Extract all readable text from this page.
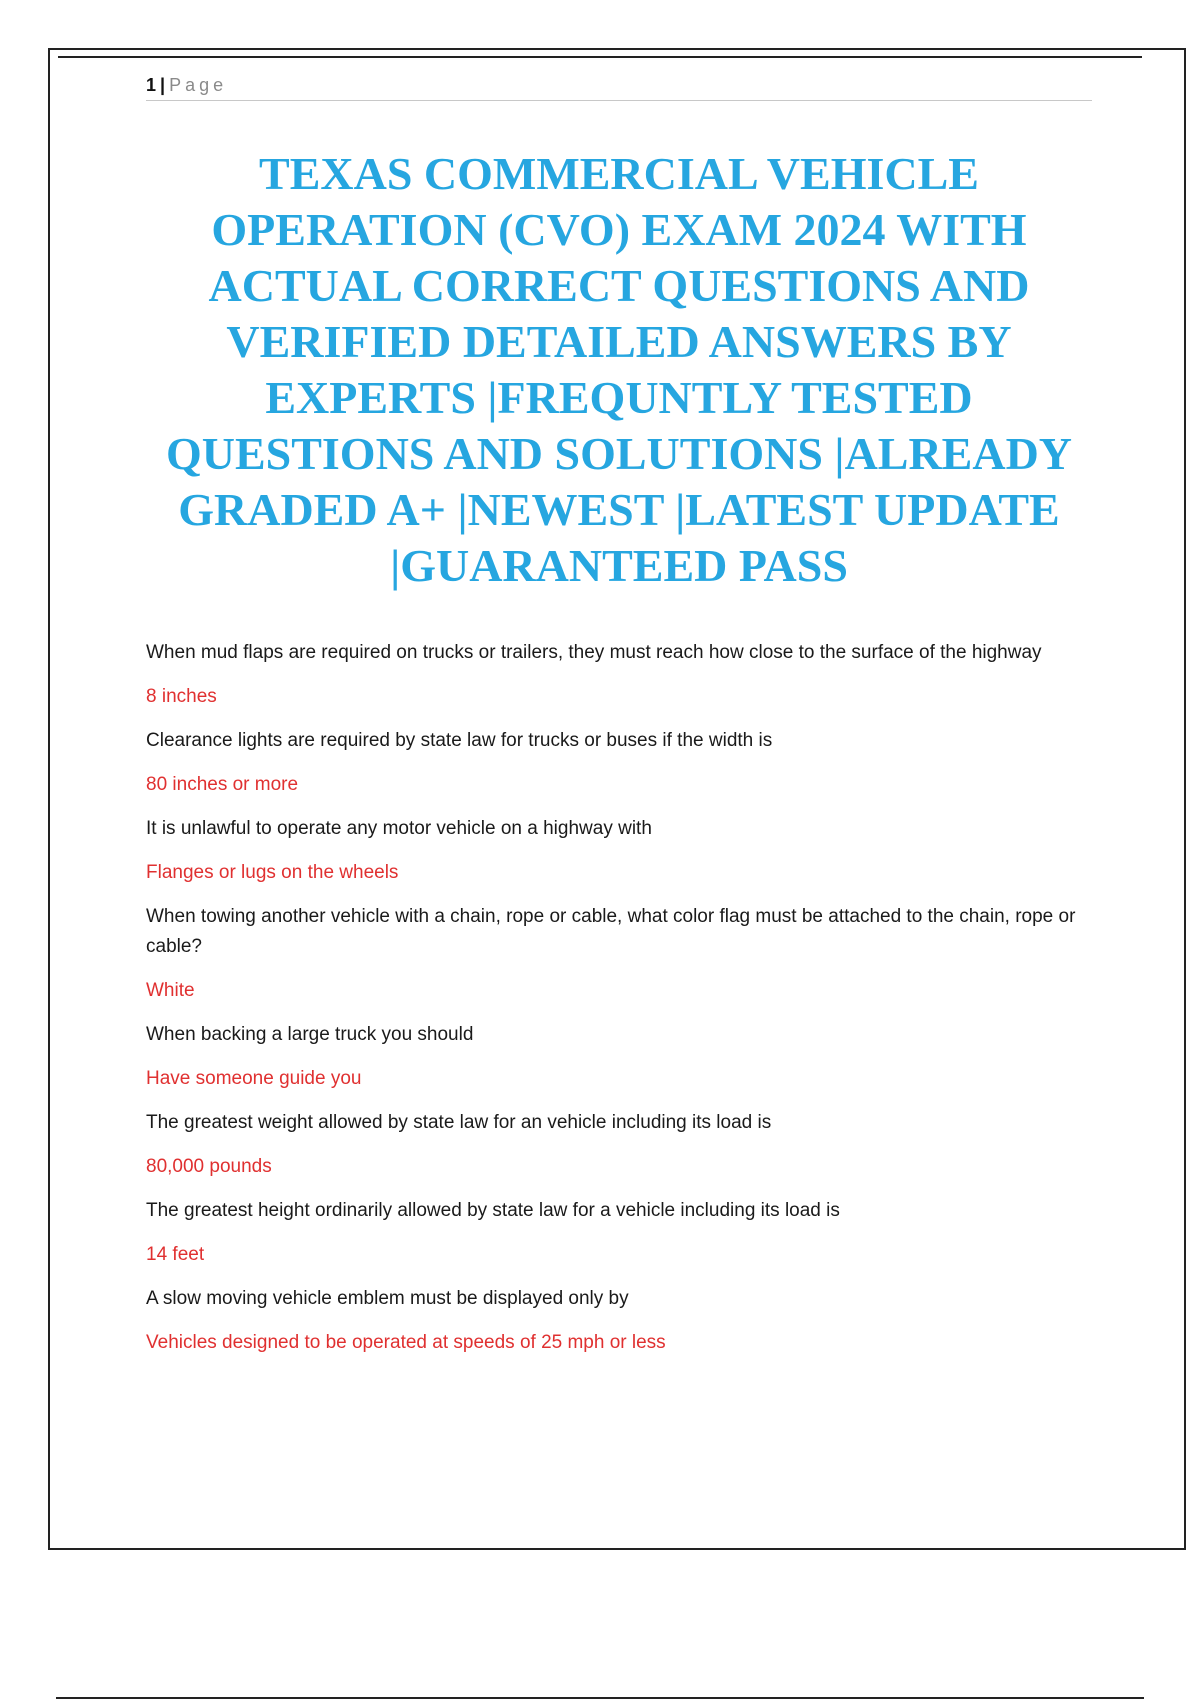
1 | Page
TEXAS COMMERCIAL VEHICLE OPERATION (CVO) EXAM 2024 WITH ACTUAL CORRECT QUESTIONS AND VERIFIED DETAILED ANSWERS BY EXPERTS |FREQUNTLY TESTED QUESTIONS AND SOLUTIONS |ALREADY GRADED A+ |NEWEST |LATEST UPDATE |GUARANTEED PASS

When mud flaps are required on trucks or trailers, they must reach how close to the surface of the highway

8 inches

Clearance lights are required by state law for trucks or buses if the width is

80 inches or more

It is unlawful to operate any motor vehicle on a highway with

Flanges or lugs on the wheels

When towing another vehicle with a chain, rope or cable, what color flag must be attached to the chain, rope or cable?

White

When backing a large truck you should

Have someone guide you

The greatest weight allowed by state law for an vehicle including its load is

80,000 pounds

The greatest height ordinarily allowed by state law for a vehicle including its load is

14 feet

A slow moving vehicle emblem must be displayed only by

Vehicles designed to be operated at speeds of 25 mph or less
